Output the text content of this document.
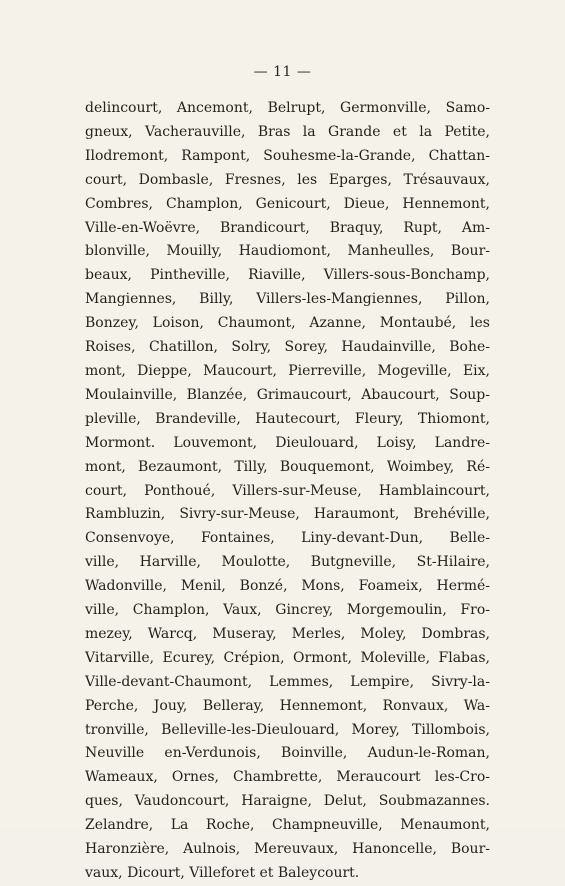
— 11 —
delincourt, Ancemont, Belrupt, Germonville, Samo-
gneux, Vacherauville, Bras la Grande et la Petite,
Ilodremont, Rampont, Souhesme-la-Grande, Chattan-
court, Dombasle, Fresnes, les Eparges, Trésauvaux,
Combres, Champlon, Genicourt, Dieue, Hennemont,
Ville-en-Woëvre, Brandicourt, Braquy, Rupt, Am-
blonville, Mouilly, Haudiomont, Manheulles, Bour-
beaux, Pintheville, Riaville, Villers-sous-Bonchamp,
Mangiennes, Billy, Villers-les-Mangiennes, Pillon,
Bonzey, Loison, Chaumont, Azanne, Montaubé, les
Roises, Chatillon, Solry, Sorey, Haudainville, Bohe-
mont, Dieppe, Maucourt, Pierreville, Mogeville, Eix,
Moulainville, Blanzée, Grimaucourt, Abaucourt, Soup-
pleville, Brandeville, Hautecourt, Fleury, Thiomont,
Mormont. Louvemont, Dieulouard, Loisy, Landre-
mont, Bezaumont, Tilly, Bouquemont, Woimbey, Ré-
court, Ponthoué, Villers-sur-Meuse, Hamblaincourt,
Rambluzin, Sivry-sur-Meuse, Haraumont, Brehéville,
Consenvoye, Fontaines, Liny-devant-Dun, Belle-
ville, Harville, Moulotte, Butgneville, St-Hilaire,
Wadonville, Menil, Bonzé, Mons, Foameix, Hermé-
ville, Champlon, Vaux, Gincrey, Morgemoulin, Fro-
mezey, Warcq, Museray, Merles, Moley, Dombras,
Vitarville, Ecurey, Crépion, Ormont, Moleville, Flabas,
Ville-devant-Chaumont, Lemmes, Lempire, Sivry-la-
Perche, Jouy, Belleray, Hennemont, Ronvaux, Wa-
tronville, Belleville-les-Dieulouard, Morey, Tillombois,
Neuville en-Verdunois, Boinville, Audun-le-Roman,
Wameaux, Ornes, Chambrette, Meraucourt les-Cro-
ques, Vaudoncourt, Haraigne, Delut, Soubmazannes.
Zelandre, La Roche, Champneuville, Menaumont,
Haronzière, Aulnois, Mereuvaux, Hanoncelle, Bour-
vaux, Dicourt, Villeforet et Baleycourt.
